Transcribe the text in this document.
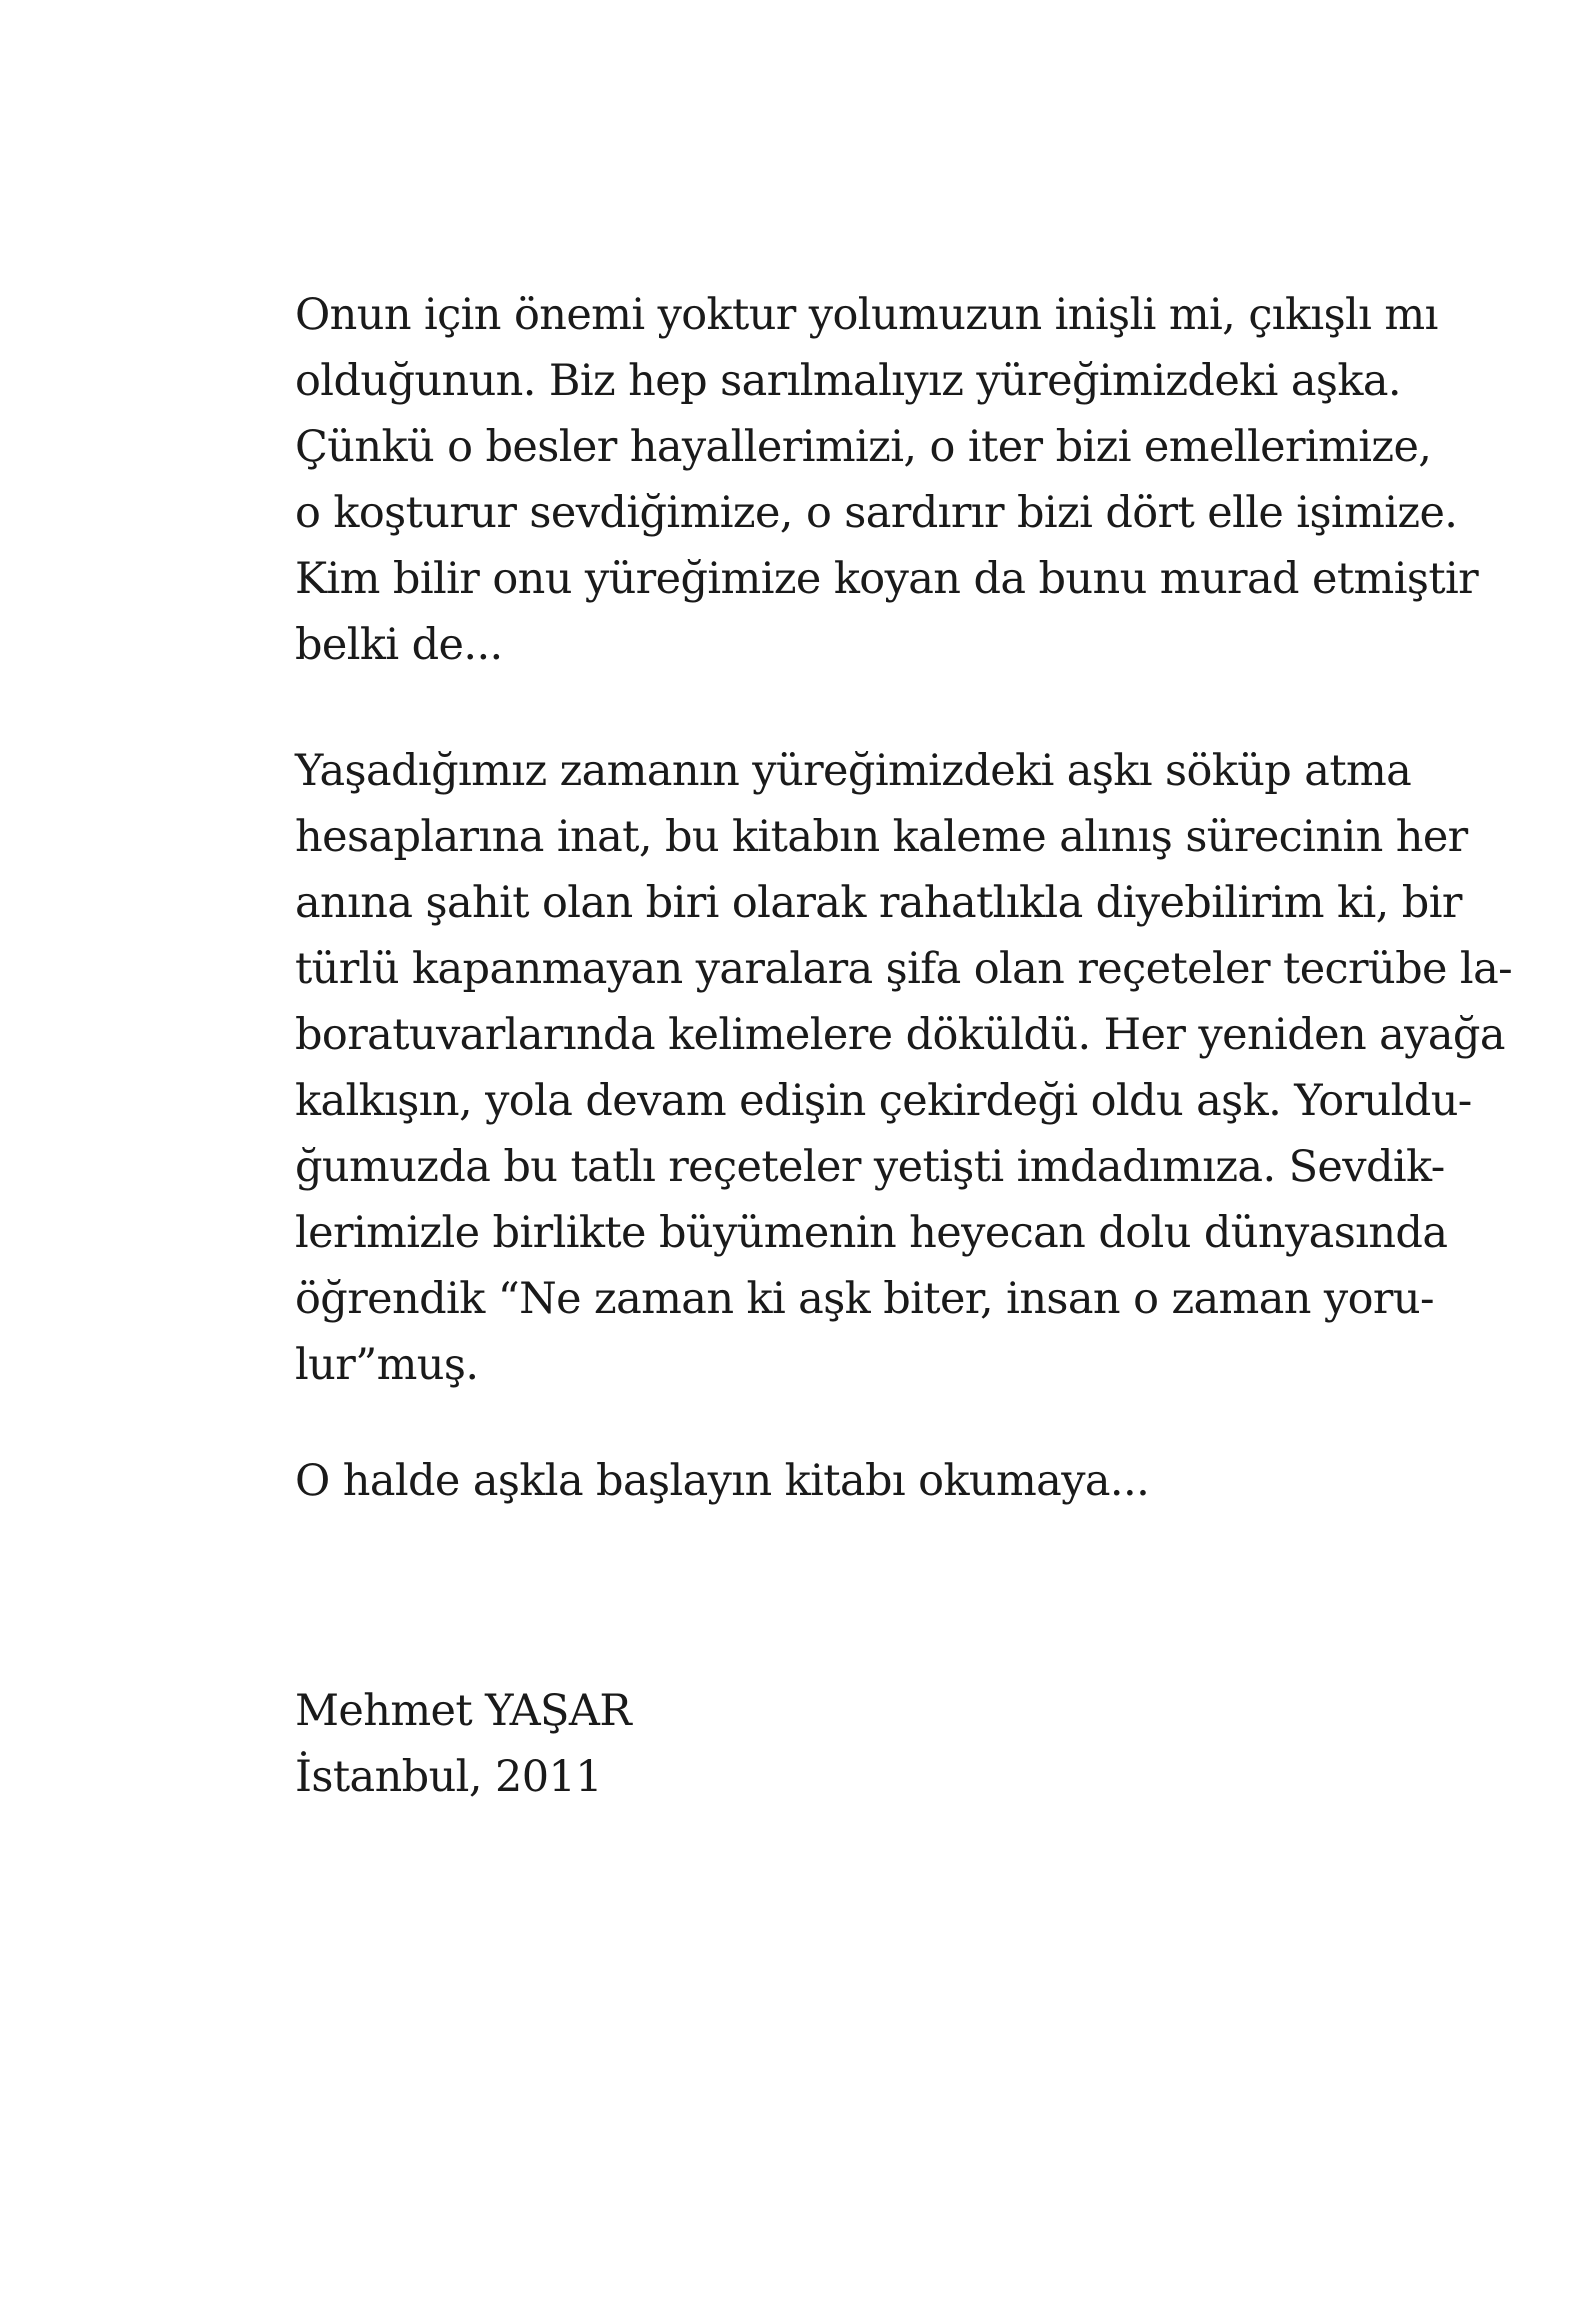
Onun için önemi yoktur yolumuzun inişli mi, çıkışlı mı
olduğunun. Biz hep sarılmalıyız yüreğimizdeki aşka.
Çünkü o besler hayallerimizi, o iter bizi emellerimize,
o koşturur sevdiğimize, o sardırır bizi dört elle işimize.
Kim bilir onu yüreğimize koyan da bunu murad etmiştir
belki de...
Yaşadığımız zamanın yüreğimizdeki aşkı söküp atma
hesaplarına inat, bu kitabın kaleme alınış sürecinin her
anına şahit olan biri olarak rahatlıkla diyebilirim ki, bir
türlü kapanmayan yaralara şifa olan reçeteler tecrübe la-
boratuvarlarında kelimelere döküldü. Her yeniden ayağa
kalkışın, yola devam edişin çekirdeği oldu aşk. Yoruldu-
ğumuzda bu tatlı reçeteler yetişti imdadımıza. Sevdik-
lerimizle birlikte büyümenin heyecan dolu dünyasında
öğrendik “Ne zaman ki aşk biter, insan o zaman yoru-
lur”muş.
O halde aşkla başlayın kitabı okumaya...
Mehmet YAŞAR
İstanbul, 2011
